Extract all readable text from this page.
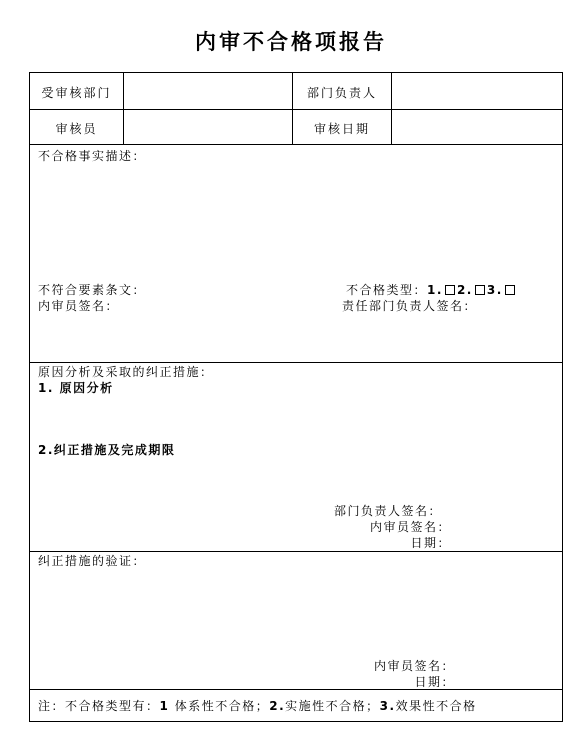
内审不合格项报告
受审核部门	部门负责人
审核员	审核日期
不合格事实描述：
不符合要素条文：	不合格类型：1. 2. 3.
内审员签名：	责任部门负责人签名：
原因分析及采取的纠正措施：
1. 原因分析
2.纠正措施及完成期限
部门负责人签名：
内审员签名：
日期：
纠正措施的验证：
内审员签名：
日期：
注：不合格类型有：1 体系性不合格；2.实施性不合格；3.效果性不合格
